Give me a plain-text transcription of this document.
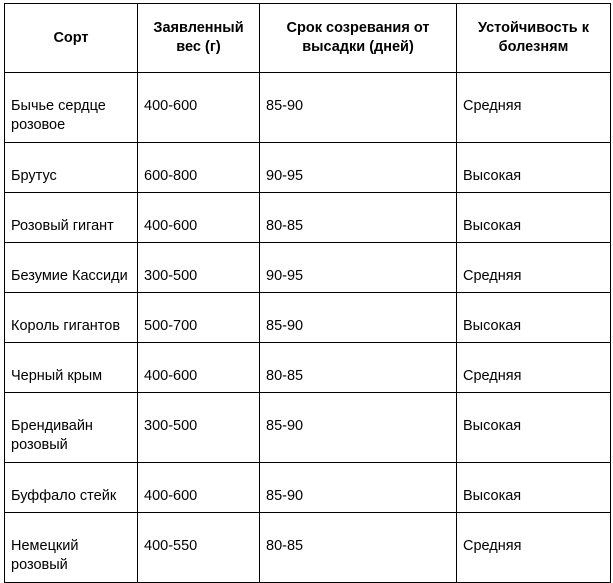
Сорт	Заявленный вес (г)	Срок созревания от высадки (дней)	Устойчивость к болезням
Бычье сердце розовое	400-600	85-90	Средняя
Брутус	600-800	90-95	Высокая
Розовый гигант	400-600	80-85	Высокая
Безумие Кассиди	300-500	90-95	Средняя
Король гигантов	500-700	85-90	Высокая
Черный крым	400-600	80-85	Средняя
Брендивайн розовый	300-500	85-90	Высокая
Буффало стейк	400-600	85-90	Высокая
Немецкий розовый	400-550	80-85	Средняя
